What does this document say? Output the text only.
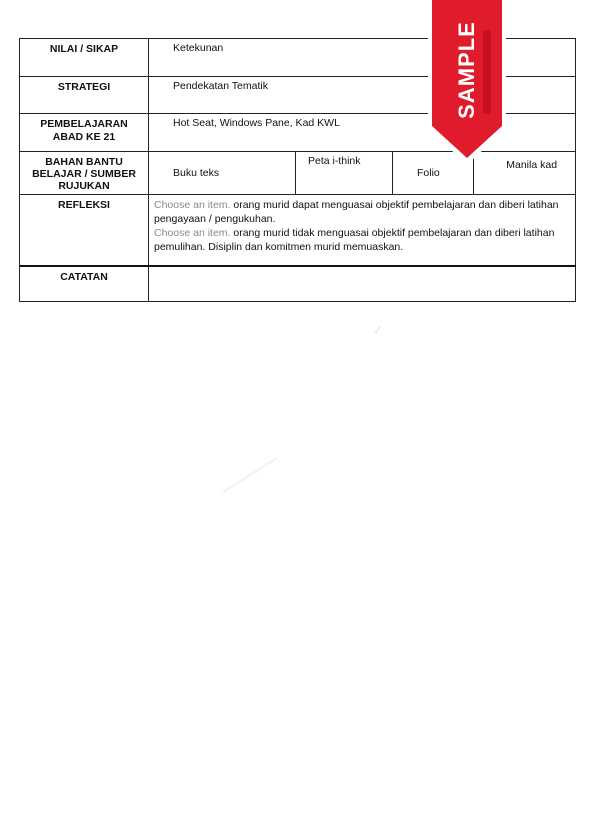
NILAI / SIKAP	Ketekunan			
STRATEGI	Pendekatan Tematik			
PEMBELAJARAN ABAD KE 21	Hot Seat, Windows Pane, Kad KWL			
BAHAN BANTU BELAJAR / SUMBER RUJUKAN	Buku teks	Peta i-think	Folio	Manila kad
REFLEKSI	Choose an item. orang murid dapat menguasai objektif pembelajaran dan diberi latihan pengayaan / pengukuhan.
Choose an item. orang murid tidak menguasai objektif pembelajaran dan diberi latihan pemulihan. Disiplin dan komitmen murid memuaskan.			

CATATAN				
SAMPLE
